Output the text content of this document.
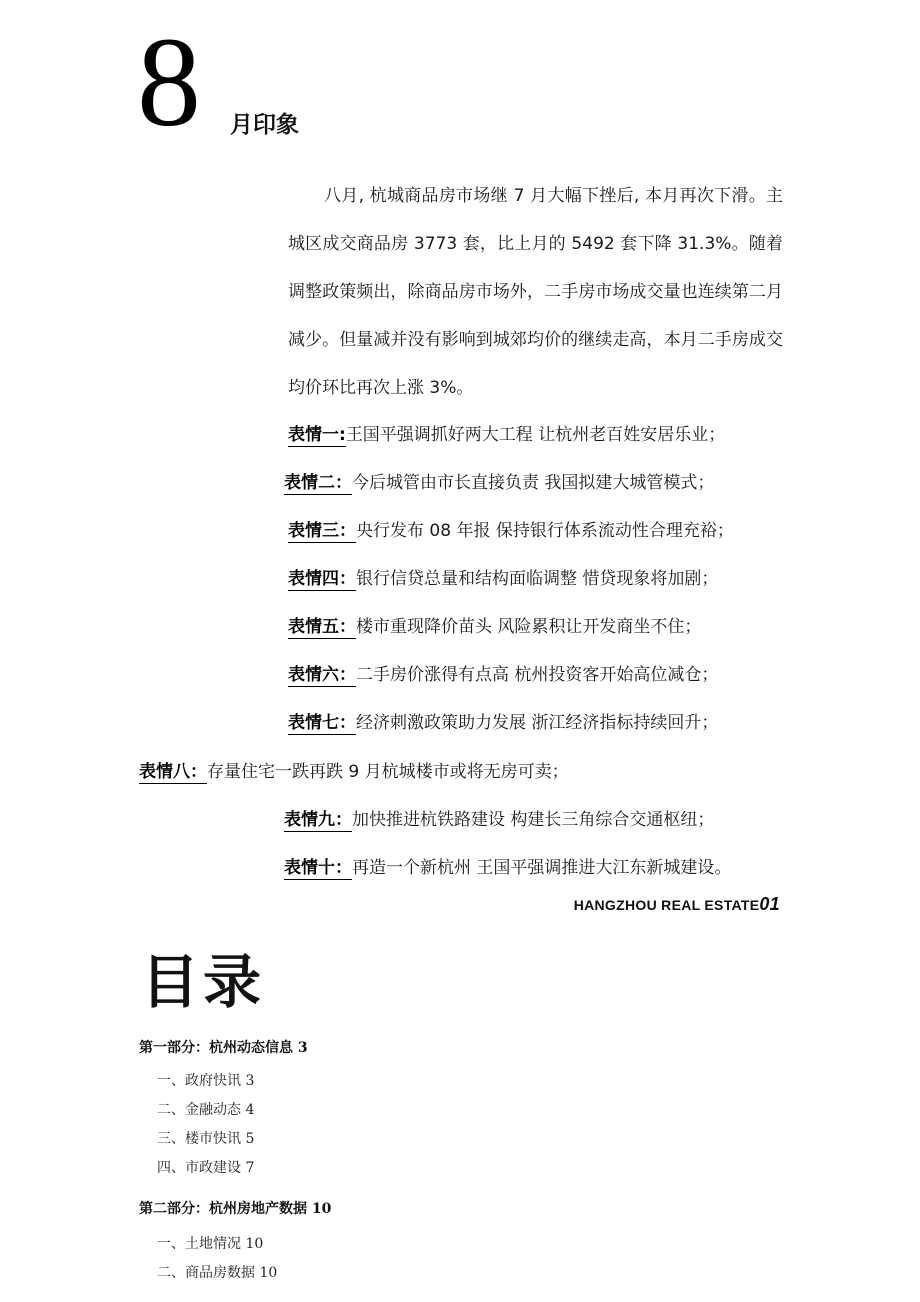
8 月印象

八月, 杭城商品房市场继 7 月大幅下挫后, 本月再次下滑。主城区成交商品房 3773 套，比上月的 5492 套下降 31.3%。随着调整政策频出，除商品房市场外，二手房市场成交量也连续第二月减少。但量减并没有影响到城郊均价的继续走高，本月二手房成交均价环比再次上涨 3%。

表情一:王国平强调抓好两大工程 让杭州老百姓安居乐业；
表情二：今后城管由市长直接负责 我国拟建大城管模式；
表情三：央行发布 08 年报 保持银行体系流动性合理充裕；
表情四：银行信贷总量和结构面临调整 惜贷现象将加剧；
表情五：楼市重现降价苗头 风险累积让开发商坐不住；
表情六：二手房价涨得有点高 杭州投资客开始高位减仓；
表情七：经济刺激政策助力发展 浙江经济指标持续回升；
表情八：存量住宅一跌再跌 9 月杭城楼市或将无房可卖；
表情九：加快推进杭铁路建设 构建长三角综合交通枢纽；
表情十：再造一个新杭州 王国平强调推进大江东新城建设。
HANGZHOU REAL ESTATE01
目录
第一部分：杭州动态信息 3
一、政府快讯 3
二、金融动态 4
三、楼市快讯 5
四、市政建设 7
第二部分：杭州房地产数据 10
一、土地情况 10
二、商品房数据 10
